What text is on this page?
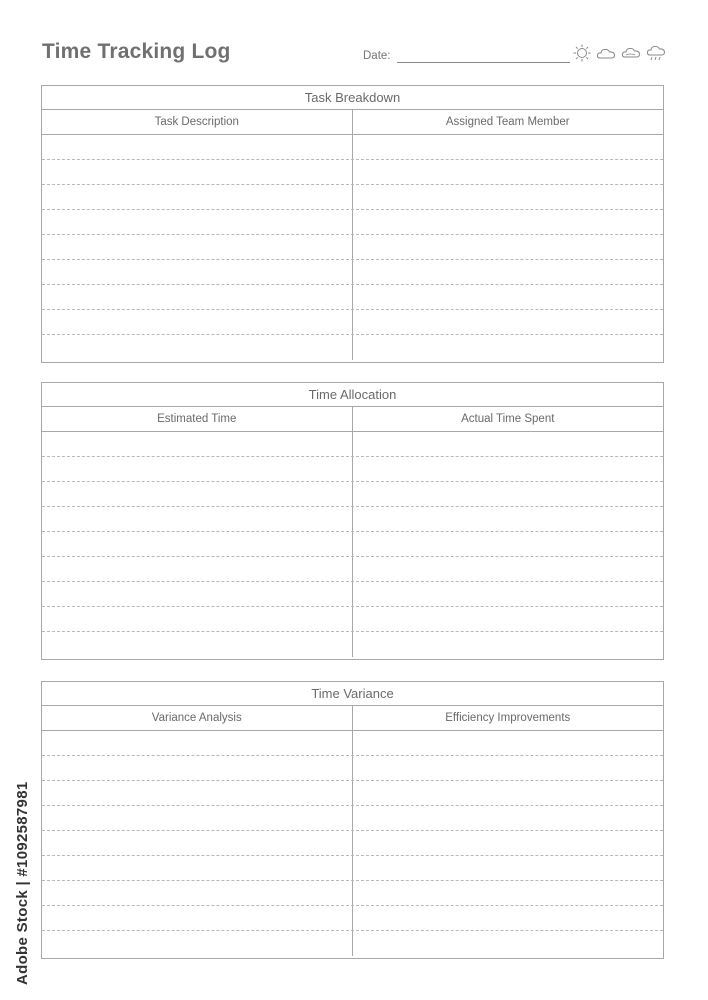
Time Tracking Log	Date:
Task Breakdown
Task Description	Assigned Team Member
Time Allocation
Estimated Time	Actual Time Spent
Time Variance
Variance Analysis	Efficiency Improvements
Adobe Stock | #1092587981
